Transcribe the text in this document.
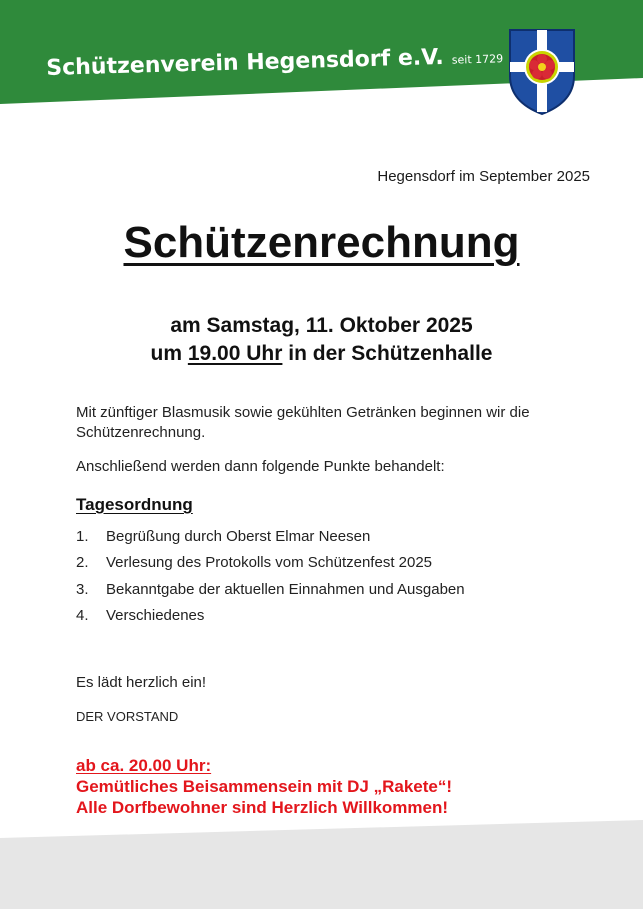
Schützenverein Hegensdorf e.V. seit 1729
Hegensdorf im September 2025
Schützenrechnung
am Samstag, 11. Oktober 2025
um 19.00 Uhr in der Schützenhalle
Mit zünftiger Blasmusik sowie gekühlten Getränken beginnen wir die Schützenrechnung.
Anschließend werden dann folgende Punkte behandelt:
Tagesordnung
1.	Begrüßung durch Oberst Elmar Neesen
2.	Verlesung des Protokolls vom Schützenfest 2025
3.	Bekanntgabe der aktuellen Einnahmen und Ausgaben
4.	Verschiedenes
Es lädt herzlich ein!
DER VORSTAND
ab ca. 20.00 Uhr:
Gemütliches Beisammensein mit DJ „Rakete“!
Alle Dorfbewohner sind Herzlich Willkommen!
